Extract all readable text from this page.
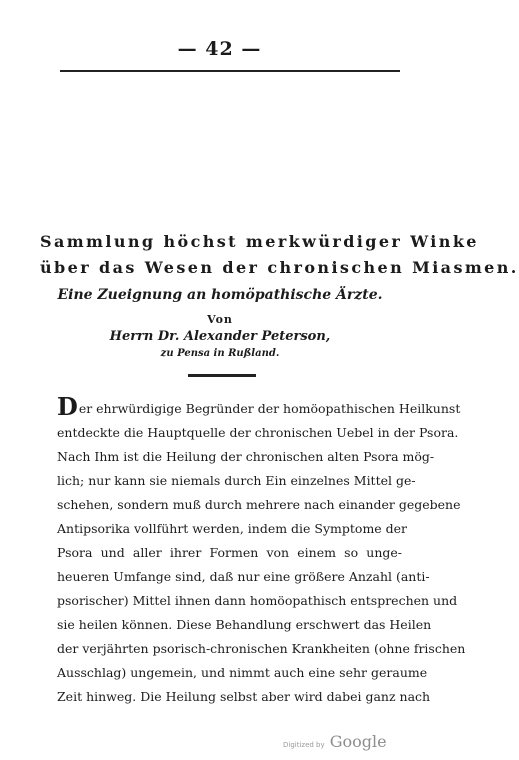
— 42 —
Sammlung höchst merkwürdiger Winke
über das Wesen der chronischen Miasmen.
Eine Zueignung an homöpathische Ärzte.
Von
Herrn Dr. Alexander Peterson,
zu Pensa in Rußland.
Der ehrwürdigige Begründer der homöopathischen Heilkunst
entdeckte die Hauptquelle der chronischen Uebel in der Psora.
Nach Ihm ist die Heilung der chronischen alten Psora mög-
lich; nur kann sie niemals durch Ein einzelnes Mittel ge-
schehen, sondern muß durch mehrere nach einander gegebene
Antipsorika vollführt werden, indem die Symptome der
Psora und aller ihrer Formen von einem so unge-
heueren Umfange sind, daß nur eine größere Anzahl (anti-
psorischer) Mittel ihnen dann homöopathisch entsprechen und
sie heilen können. Diese Behandlung erschwert das Heilen
der verjährten psorisch-chronischen Krankheiten (ohne frischen
Ausschlag) ungemein, und nimmt auch eine sehr geraume
Zeit hinweg. Die Heilung selbst aber wird dabei ganz nach
Digitized by Google
